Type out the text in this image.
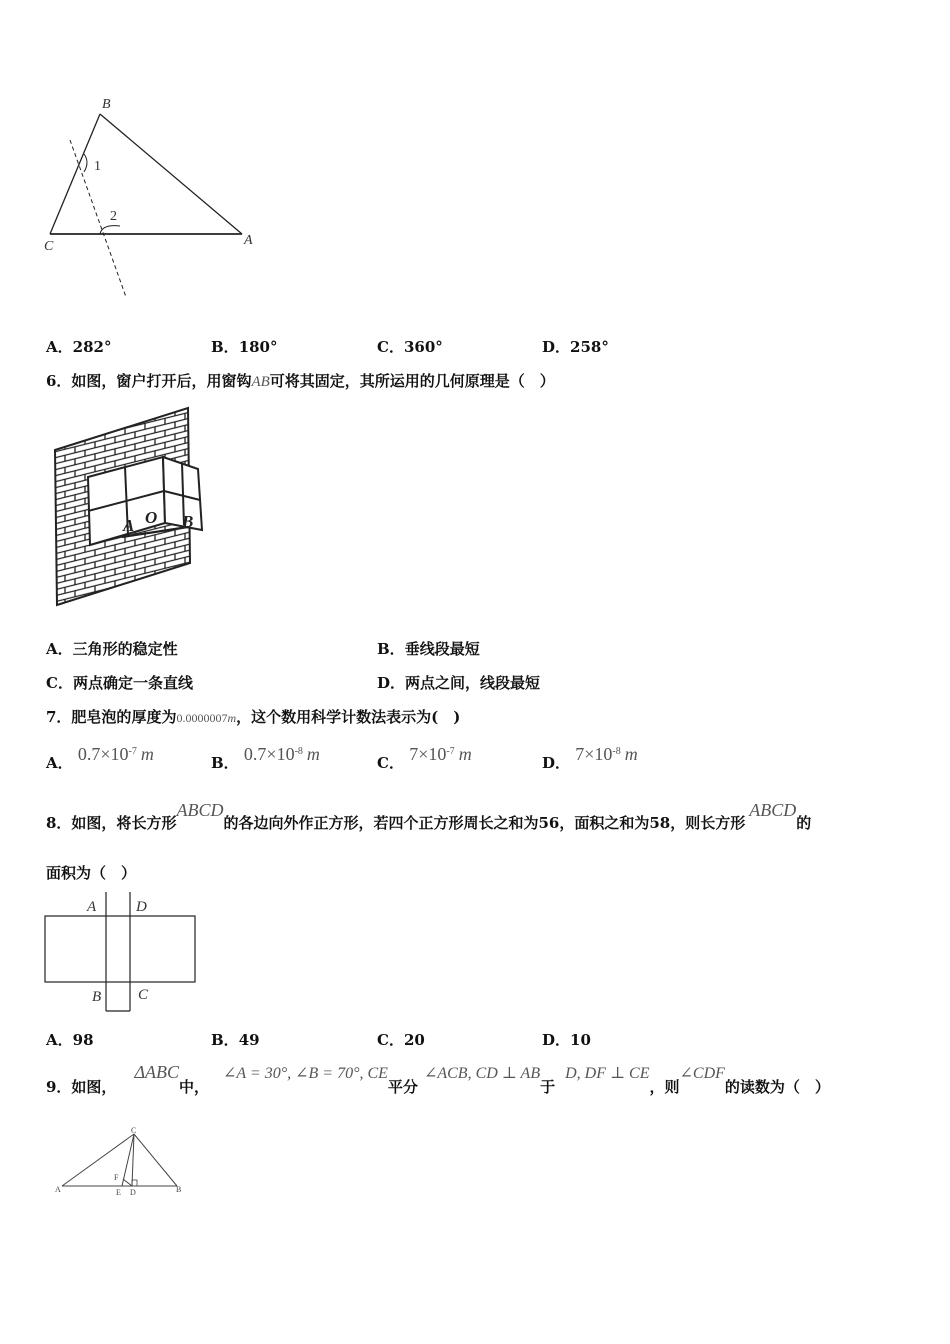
B
C	A
1
2
A．282°	B．180°	C．360°	D．258°
6．如图，窗户打开后，用窗钩AB可将其固定，其所运用的几何原理是（　）
A O B
A．三角形的稳定性	B．垂线段最短
C．两点确定一条直线	D．两点之间，线段最短
7．肥皂泡的厚度为0.0000007m，这个数用科学计数法表示为(　)
A． $0.7\times 10^{-7}$ m	B． $0.7\times 10^{-8}$ m	C． $7\times 10^{-7}$ m	D． $7\times 10^{-8}$ m
8．如图，将长方形ABCD的各边向外作正方形，若四个正方形周长之和为56，面积之和为58，则长方形ABCD的
面积为（　）
A	D
B C
A．98	B．49	C．20	D．10
9．如图，ΔABC中，∠A = 30°, ∠B = 70°, CE平分∠ACB, CD ⊥ AB于D, DF ⊥ CE，则∠CDF的读数为（　）
C
A	B
E D
F
